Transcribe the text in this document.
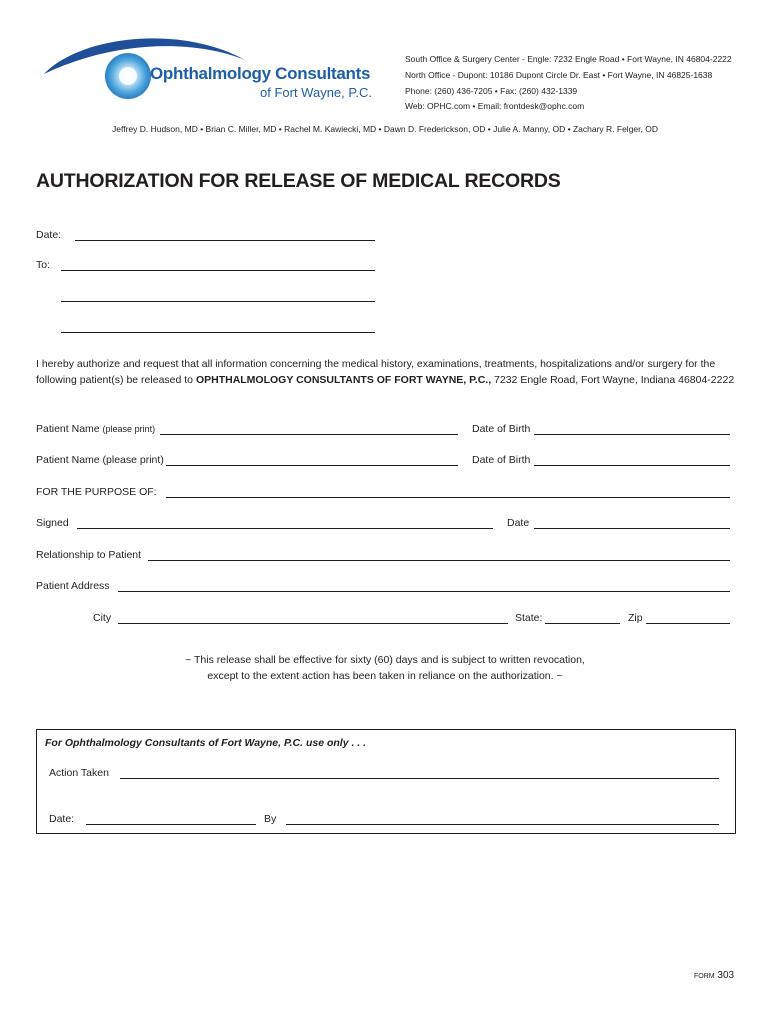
Ophthalmology Consultants
of Fort Wayne, P.C.
South Office & Surgery Center - Engle: 7232 Engle Road • Fort Wayne, IN 46804-2222
North Office - Dupont: 10186 Dupont Circle Dr. East • Fort Wayne, IN 46825-1638
Phone: (260) 436-7205 • Fax: (260) 432-1339
Web: OPHC.com • Email: frontdesk@ophc.com
Jeffrey D. Hudson, MD • Brian C. Miller, MD • Rachel M. Kawiecki, MD • Dawn D. Frederickson, OD • Julie A. Manny, OD • Zachary R. Felger, OD
AUTHORIZATION FOR RELEASE OF MEDICAL RECORDS
Date:
To:
I hereby authorize and request that all information concerning the medical history, examinations, treatments, hospitalizations and/or surgery for the following patient(s) be released to OPHTHALMOLOGY CONSULTANTS OF FORT WAYNE, P.C., 7232 Engle Road, Fort Wayne, Indiana 46804-2222
Patient Name (please print)	Date of Birth
Patient Name (please print)	Date of Birth
FOR THE PURPOSE OF:
Signed	Date
Relationship to Patient
Patient Address
City	State:	Zip
~ This release shall be effective for sixty (60) days and is subject to written revocation,
except to the extent action has been taken in reliance on the authorization. ~
For Ophthalmology Consultants of Fort Wayne, P.C. use only . . .
Action Taken
Date:	By
FORM 303
